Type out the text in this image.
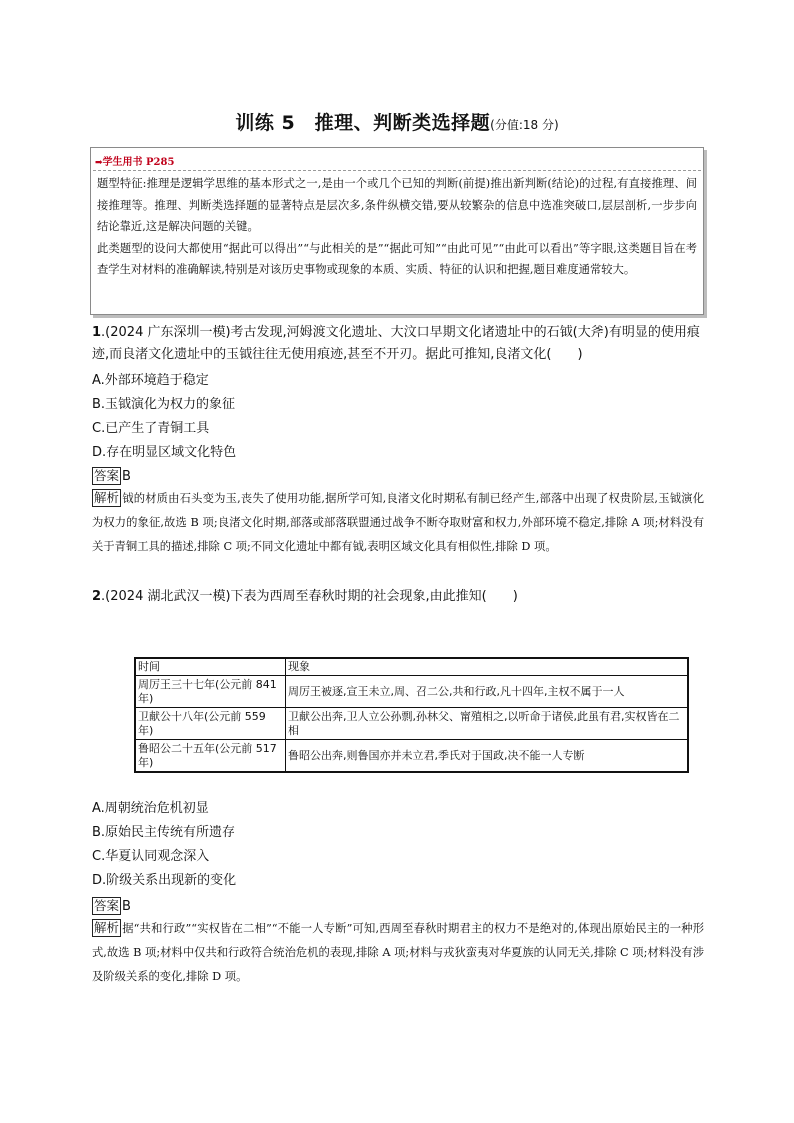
训练 5　推理、判断类选择题(分值:18 分)
➡学生用书 P285

题型特征:推理是逻辑学思维的基本形式之一,是由一个或几个已知的判断(前提)推出新判断(结论)的过程,有直接推理、间接推理等。推理、判断类选择题的显著特点是层次多,条件纵横交错,要从较繁杂的信息中选准突破口,层层剖析,一步步向结论靠近,这是解决问题的关键。

此类题型的设问大都使用“据此可以得出”“与此相关的是”“据此可知”“由此可见”“由此可以看出”等字眼,这类题目旨在考查学生对材料的准确解读,特别是对该历史事物或现象的本质、实质、特征的认识和把握,题目难度通常较大。

1.(2024 广东深圳一模)考古发现,河姆渡文化遗址、大汶口早期文化诸遗址中的石钺(大斧)有明显的使用痕迹,而良渚文化遗址中的玉钺往往无使用痕迹,甚至不开刃。据此可推知,良渚文化(　　)
A.外部环境趋于稳定
B.玉钺演化为权力的象征
C.已产生了青铜工具
D.存在明显区域文化特色
答案 B
解析 钺的材质由石头变为玉,丧失了使用功能,据所学可知,良渚文化时期私有制已经产生,部落中出现了权贵阶层,玉钺演化为权力的象征,故选 B 项;良渚文化时期,部落或部落联盟通过战争不断夺取财富和权力,外部环境不稳定,排除 A 项;材料没有关于青铜工具的描述,排除 C 项;不同文化遗址中都有钺,表明区域文化具有相似性,排除 D 项。
2.(2024 湖北武汉一模)下表为西周至春秋时期的社会现象,由此推知(　　)
时间	现象
周厉王三十七年(公元前 841 年)	周厉王被逐,宣王未立,周、召二公,共和行政,凡十四年,主权不属于一人
卫献公十八年(公元前 559 年)	卫献公出奔,卫人立公孙剽,孙林父、甯殖相之,以听命于诸侯,此虽有君,实权皆在二相
鲁昭公二十五年(公元前 517 年)	鲁昭公出奔,则鲁国亦并未立君,季氏对于国政,决不能一人专断
A.周朝统治危机初显
B.原始民主传统有所遗存
C.华夏认同观念深入
D.阶级关系出现新的变化
答案 B
解析 据“共和行政”“实权皆在二相”“不能一人专断”可知,西周至春秋时期君主的权力不是绝对的,体现出原始民主的一种形式,故选 B 项;材料中仅共和行政符合统治危机的表现,排除 A 项;材料与戎狄蛮夷对华夏族的认同无关,排除 C 项;材料没有涉及阶级关系的变化,排除 D 项。
